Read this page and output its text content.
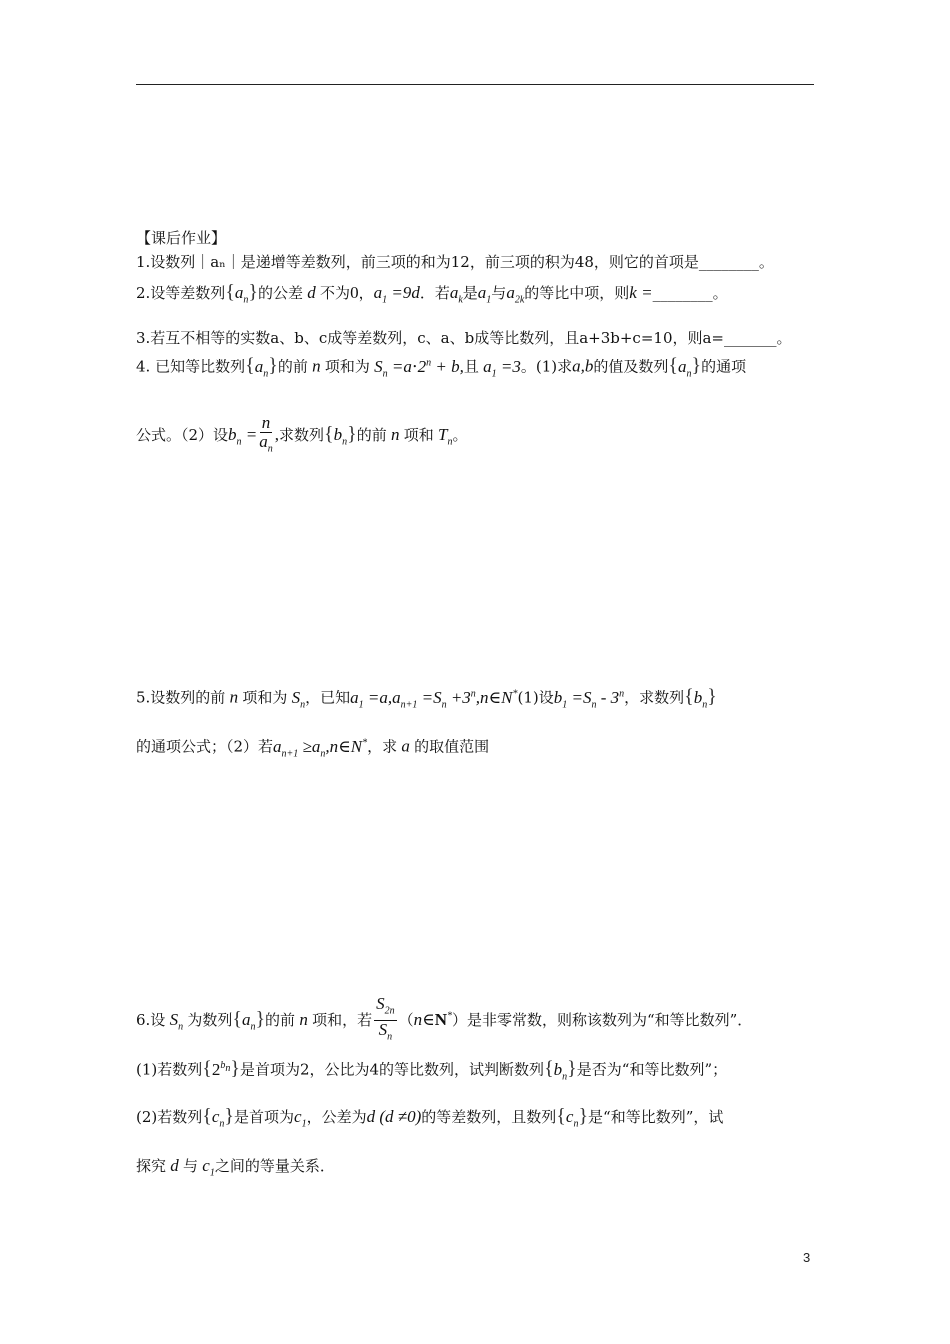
【课后作业】
1.设数列｜aₙ｜是递增等差数列，前三项的和为12，前三项的积为48，则它的首项是________。
2.设等差数列$\{a_n\}$的公差 d 不为0，$a_1 =9d$．若$a_k$是$a_1$与$a_{2k}$的等比中项，则k =________。
3.若互不相等的实数a、b、c成等差数列，c、a、b成等比数列，且a+3b+c=10，则a=_______。
4. 已知等比数列$\{a_n\}$的前 n 项和为 $S_n =a\cdot 2^n + b$,且 $a_1 =3$。(1)求a,b的值及数列$\{a_n\}$的通项
公式。（2）设$b_n = \frac{n}{a_n}$ ,求数列$\{b_n\}$的前 n 项和 $T_n$。
5.设数列的前 n 项和为 $S_n$，已知$a_1 =a,a_{n+1} =S_n$ $+3^n,n\in N^*(1)$设$b_1 =S_n - 3^n$，求数列$\{b_n\}$
的通项公式；（2）若$a_{n+1}$ $\ge a_n,n\in N^*$，求 a 的取值范围
6.设 $S_n$ 为数列$\{a_n\}$的前 n 项和，若 $\frac{S_{2n}}{S_n}$ （n∈N*）是非零常数，则称该数列为“和等比数列”．
(1)若数列$\{2^{b_n}\}$是首项为2，公比为4的等比数列，试判断数列$\{b_n\}$是否为“和等比数列”；
(2)若数列$\{c_n\}$是首项为$c_1$，公差为d (d ≠0)的等差数列，且数列$\{c_n\}$是“和等比数列”，试
探究 d 与 $c_1$之间的等量关系．
3
